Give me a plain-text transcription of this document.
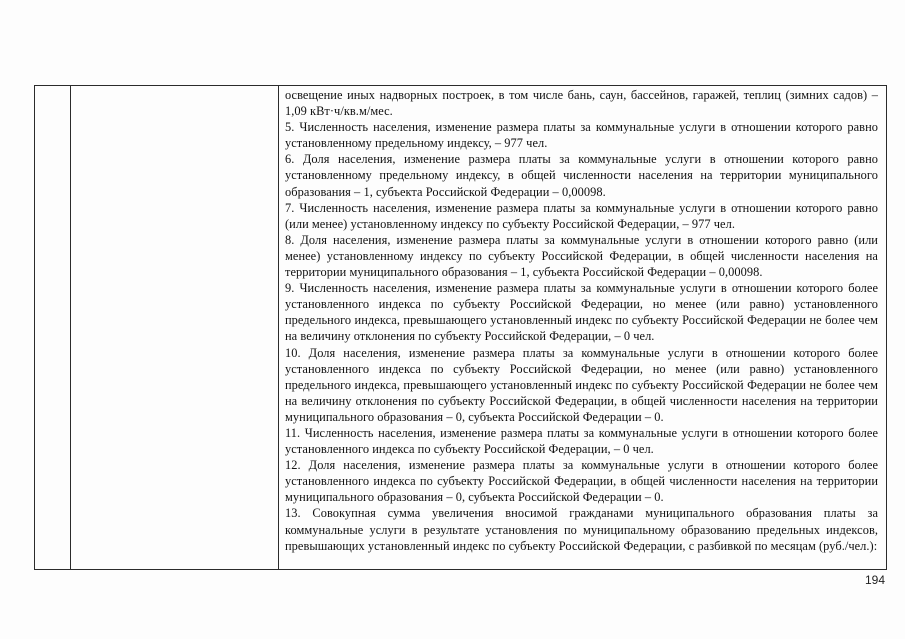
освещение иных надворных построек, в том числе бань, саун, бассейнов, гаражей, теплиц (зимних садов) – 1,09 кВт·ч/кв.м/мес.

5. Численность населения, изменение размера платы за коммунальные услуги в отношении которого равно установленному предельному индексу, – 977 чел.

6. Доля населения, изменение размера платы за коммунальные услуги в отношении которого равно установленному предельному индексу, в общей численности населения на территории муниципального образования – 1, субъекта Российской Федерации – 0,00098.

7. Численность населения, изменение размера платы за коммунальные услуги в отношении которого равно (или менее) установленному индексу по субъекту Российской Федерации, – 977 чел.

8. Доля населения, изменение размера платы за коммунальные услуги в отношении которого равно (или менее) установленному индексу по субъекту Российской Федерации, в общей численности населения на территории муниципального образования – 1, субъекта Российской Федерации – 0,00098.

9. Численность населения, изменение размера платы за коммунальные услуги в отношении которого более установленного индекса по субъекту Российской Федерации, но менее (или равно) установленного предельного индекса, превышающего установленный индекс по субъекту Российской Федерации не более чем на величину отклонения по субъекту Российской Федерации, – 0 чел.

10. Доля населения, изменение размера платы за коммунальные услуги в отношении которого более установленного индекса по субъекту Российской Федерации, но менее (или равно) установленного предельного индекса, превышающего установленный индекс по субъекту Российской Федерации не более чем на величину отклонения по субъекту Российской Федерации, в общей численности населения на территории муниципального образования – 0, субъекта Российской Федерации – 0.

11. Численность населения, изменение размера платы за коммунальные услуги в отношении которого более установленного индекса по субъекту Российской Федерации, – 0 чел.

12. Доля населения, изменение размера платы за коммунальные услуги в отношении которого более установленного индекса по субъекту Российской Федерации, в общей численности населения на территории муниципального образования – 0, субъекта Российской Федерации – 0.

13. Совокупная сумма увеличения вносимой гражданами муниципального образования платы за коммунальные услуги в результате установления по муниципальному образованию предельных индексов, превышающих установленный индекс по субъекту Российской Федерации, с разбивкой по месяцам (руб./чел.):

194
